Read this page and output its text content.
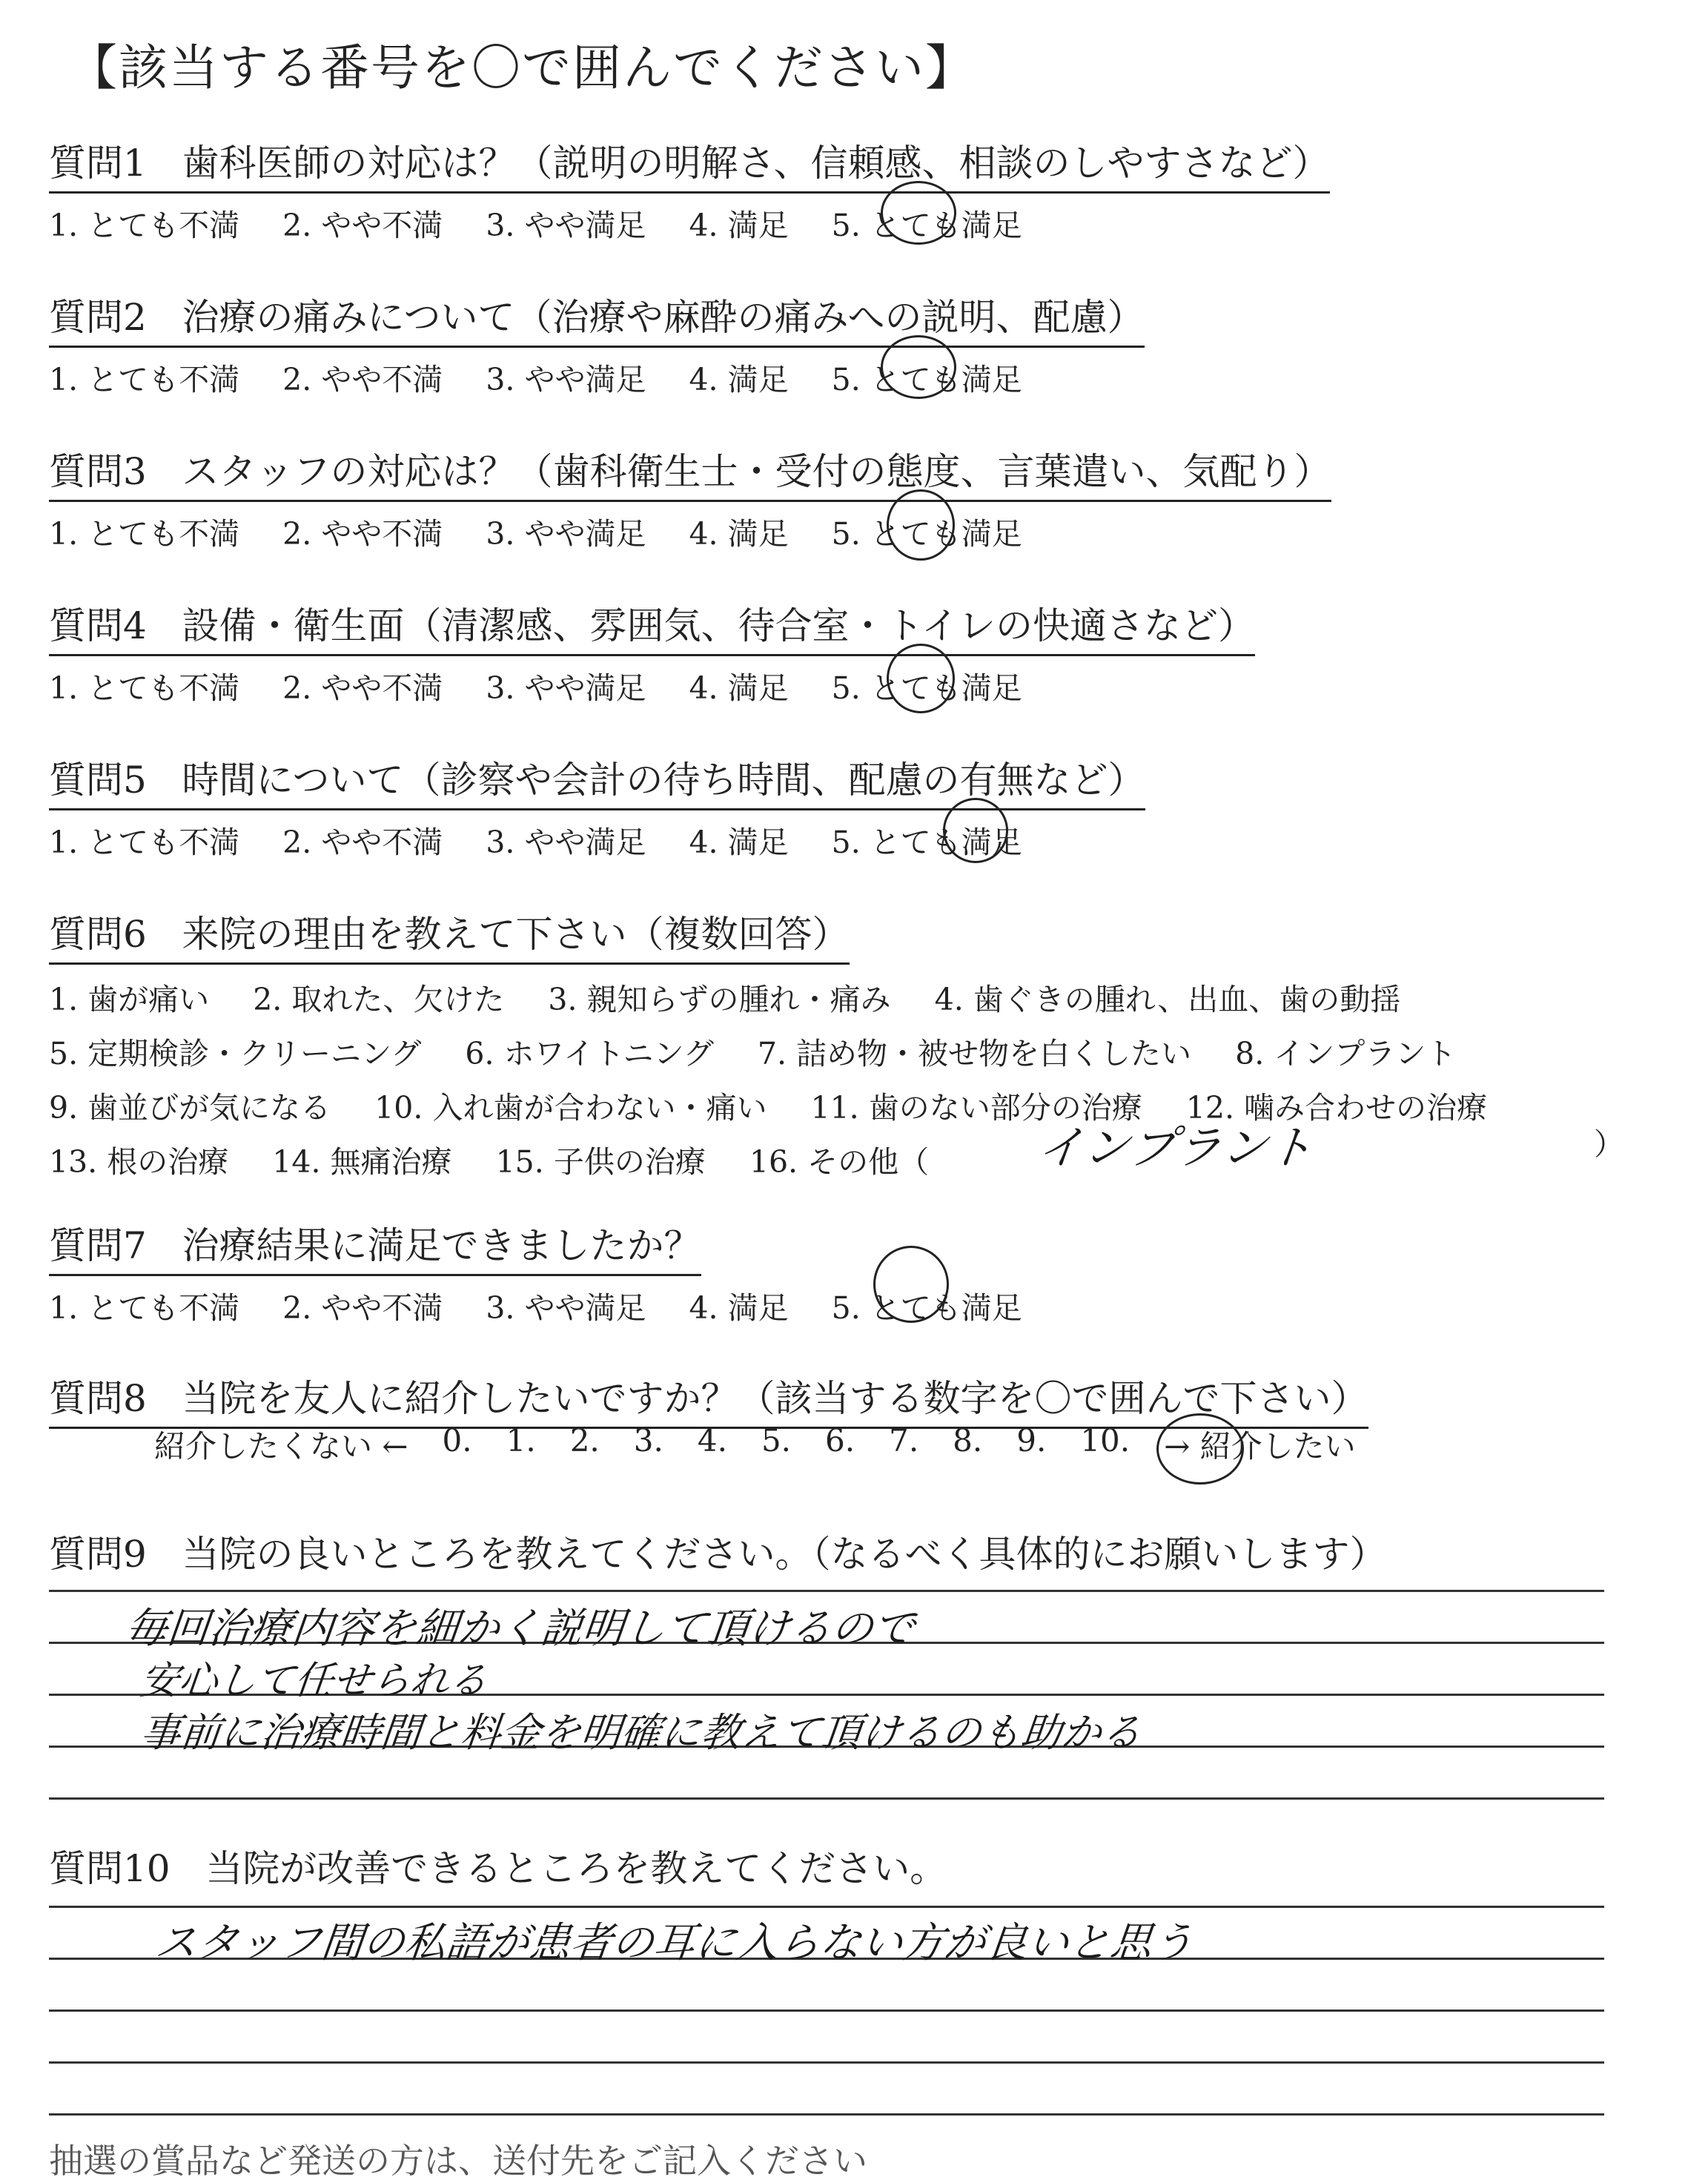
【該当する番号を〇で囲んでください】
質問1 歯科医師の対応は？（説明の明解さ、信頼感、相談のしやすさなど）
1. とても不満 2. やや不満 3. やや満足 4. 満足 5. とても満足
質問2 治療の痛みについて（治療や麻酔の痛みへの説明、配慮）
1. とても不満 2. やや不満 3. やや満足 4. 満足 5. とても満足
質問3 スタッフの対応は？（歯科衛生士・受付の態度、言葉遣い、気配り）
1. とても不満 2. やや不満 3. やや満足 4. 満足 5. とても満足
質問4 設備・衛生面（清潔感、雰囲気、待合室・トイレの快適さなど）
1. とても不満 2. やや不満 3. やや満足 4. 満足 5. とても満足
質問5 時間について（診察や会計の待ち時間、配慮の有無など）
1. とても不満 2. やや不満 3. やや満足 4. 満足 5. とても満足
質問6 来院の理由を教えて下さい（複数回答）
1. 歯が痛い 2. 取れた、欠けた 3. 親知らずの腫れ・痛み 4. 歯ぐきの腫れ、出血、歯の動揺
5. 定期検診・クリーニング 6. ホワイトニング 7. 詰め物・被せ物を白くしたい 8. インプラント
9. 歯並びが気になる 10. 入れ歯が合わない・痛い 11. 歯のない部分の治療 12. 噛み合わせの治療
13. 根の治療 14. 無痛治療 15. 子供の治療 16. その他（	インプラント	）
質問7 治療結果に満足できましたか？
1. とても不満 2. やや不満 3. やや満足 4. 満足 5. とても満足
質問8 当院を友人に紹介したいですか？（該当する数字を〇で囲んで下さい）
紹介したくない ← 0. 1. 2. 3. 4. 5. 6. 7. 8. 9. 10. → 紹介したい
質問9 当院の良いところを教えてください。（なるべく具体的にお願いします）
毎回治療内容を細かく説明して頂けるので
安心して任せられる
事前に治療時間と料金を明確に教えて頂けるのも助かる
質問10 当院が改善できるところを教えてください。
スタッフ間の私語が患者の耳に入らない方が良いと思う
抽選の賞品など発送の方は、送付先をご記入ください
